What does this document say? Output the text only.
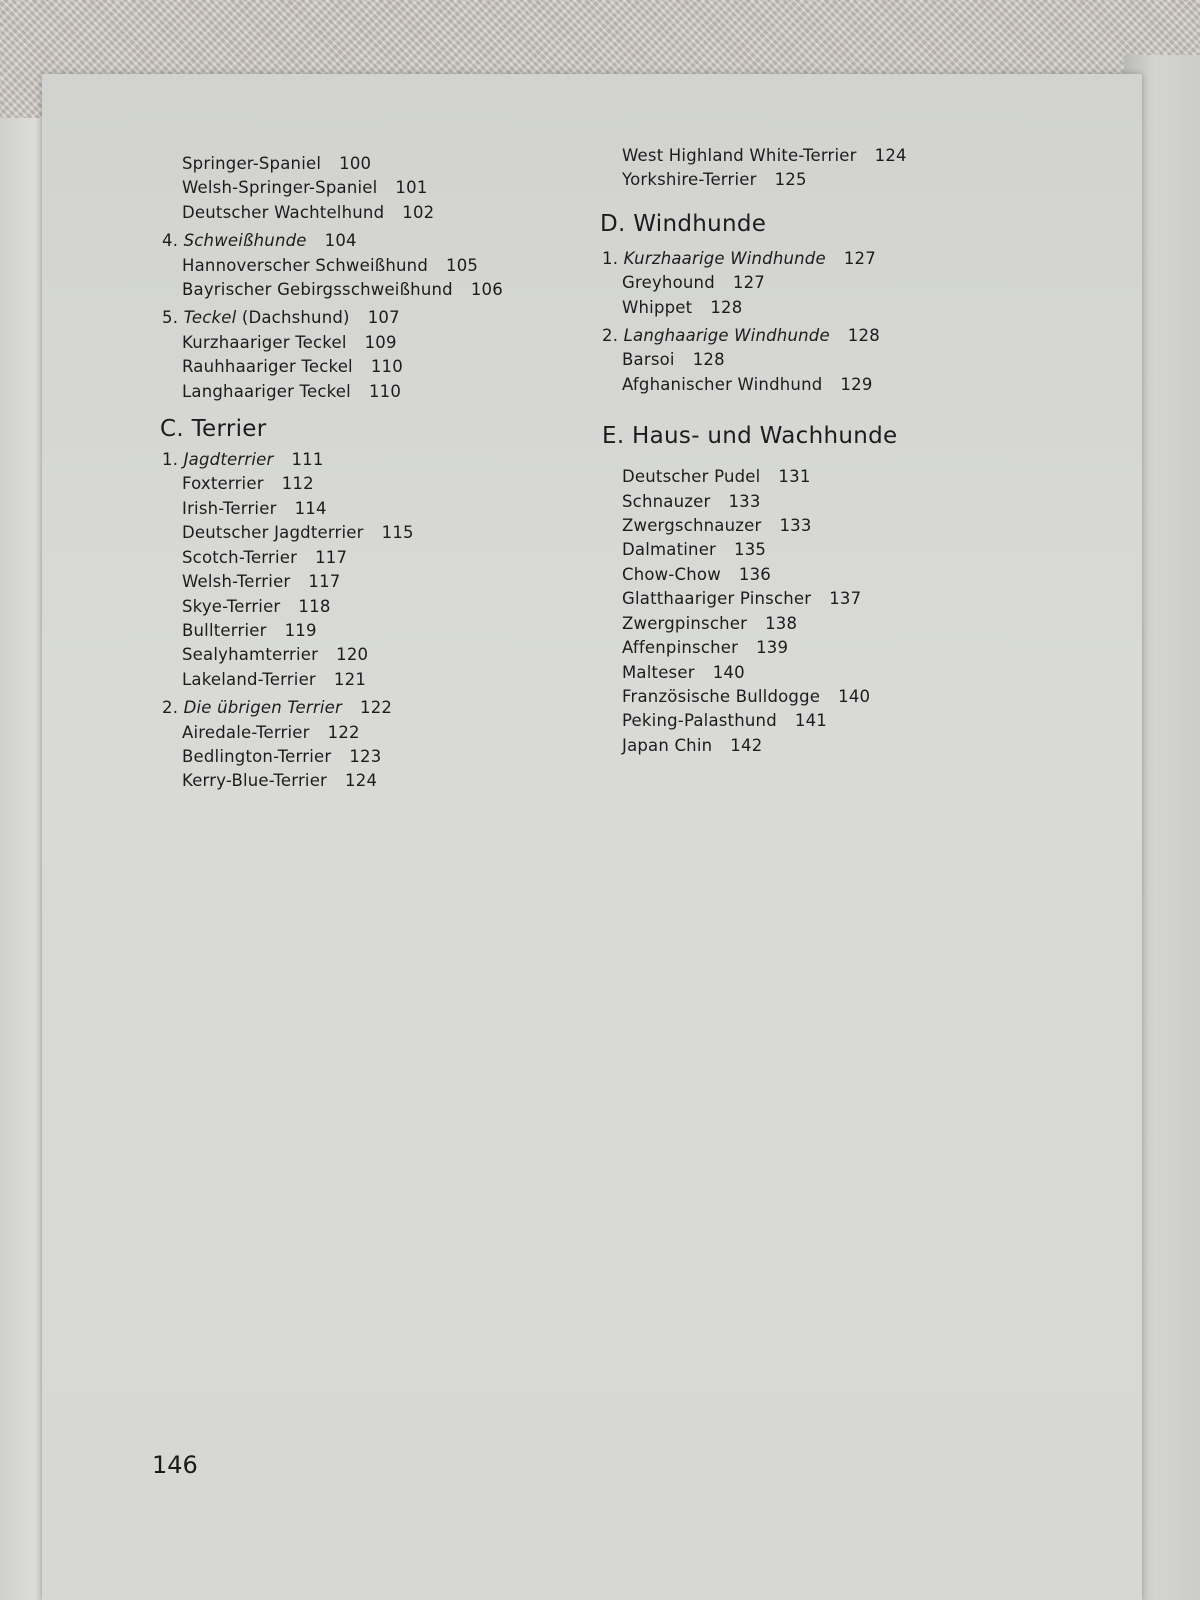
Springer-Spaniel 100
Welsh-Springer-Spaniel 101
Deutscher Wachtelhund 102
4. Schweißhunde 104
Hannoverscher Schweißhund 105
Bayrischer Gebirgsschweißhund 106
5. Teckel (Dachshund) 107
Kurzhaariger Teckel 109
Rauhhaariger Teckel 110
Langhaariger Teckel 110
C. Terrier
1. Jagdterrier 111
Foxterrier 112
Irish-Terrier 114
Deutscher Jagdterrier 115
Scotch-Terrier 117
Welsh-Terrier 117
Skye-Terrier 118
Bullterrier 119
Sealyhamterrier 120
Lakeland-Terrier 121
2. Die übrigen Terrier 122
Airedale-Terrier 122
Bedlington-Terrier 123
Kerry-Blue-Terrier 124
West Highland White-Terrier 124
Yorkshire-Terrier 125
D. Windhunde
1. Kurzhaarige Windhunde 127
Greyhound 127
Whippet 128
2. Langhaarige Windhunde 128
Barsoi 128
Afghanischer Windhund 129
E. Haus- und Wachhunde
Deutscher Pudel 131
Schnauzer 133
Zwergschnauzer 133
Dalmatiner 135
Chow-Chow 136
Glatthaariger Pinscher 137
Zwergpinscher 138
Affenpinscher 139
Malteser 140
Französische Bulldogge 140
Peking-Palasthund 141
Japan Chin 142
146
